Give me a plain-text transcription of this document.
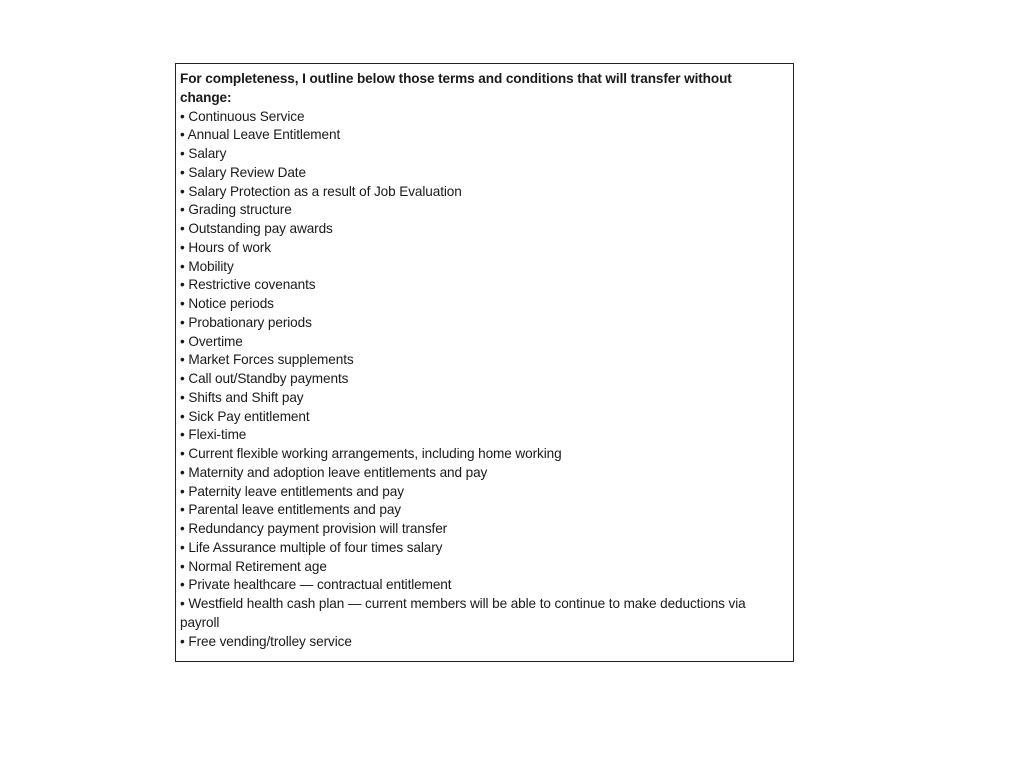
For completeness, I outline below those terms and conditions that will transfer without change:

• Continuous Service
• Annual Leave Entitlement
• Salary
• Salary Review Date
• Salary Protection as a result of Job Evaluation
• Grading structure
• Outstanding pay awards
• Hours of work
• Mobility
• Restrictive covenants
• Notice periods
• Probationary periods
• Overtime
• Market Forces supplements
• Call out/Standby payments
• Shifts and Shift pay
• Sick Pay entitlement
• Flexi-time
• Current flexible working arrangements, including home working
• Maternity and adoption leave entitlements and pay
• Paternity leave entitlements and pay
• Parental leave entitlements and pay
• Redundancy payment provision will transfer
• Life Assurance multiple of four times salary
• Normal Retirement age
• Private healthcare — contractual entitlement
• Westfield health cash plan — current members will be able to continue to make deductions via payroll
• Free vending/trolley service
